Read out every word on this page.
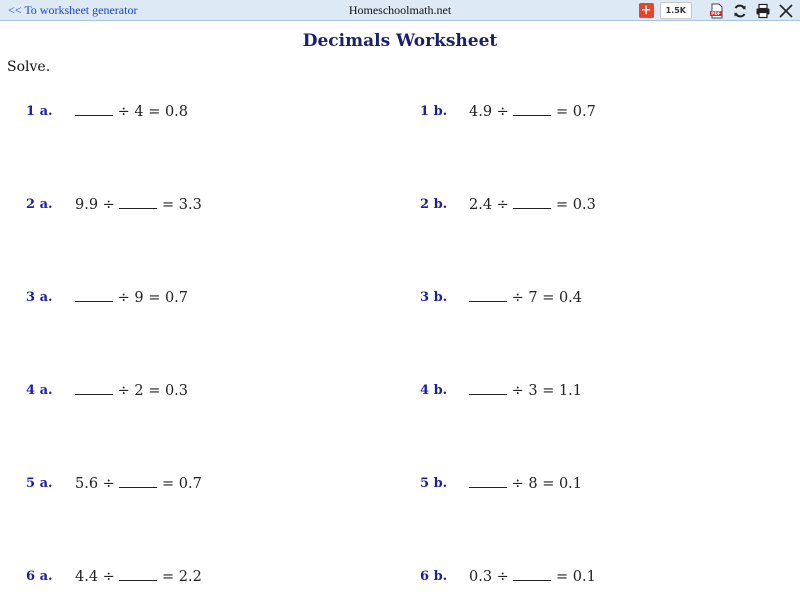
<< To worksheet generator	Homeschoolmath.net	+	1.5K	PDF
Decimals Worksheet
Solve.
1 a.	÷ 4 = 0.8	1 b. 4.9 ÷	= 0.7
2 a. 9.9 ÷	= 3.3	2 b. 2.4 ÷	= 0.3
3 a.	÷ 9 = 0.7	3 b.	÷ 7 = 0.4
4 a.	÷ 2 = 0.3	4 b.	÷ 3 = 1.1
5 a. 5.6 ÷	= 0.7	5 b.	÷ 8 = 0.1
6 a. 4.4 ÷	= 2.2	6 b. 0.3 ÷	= 0.1
